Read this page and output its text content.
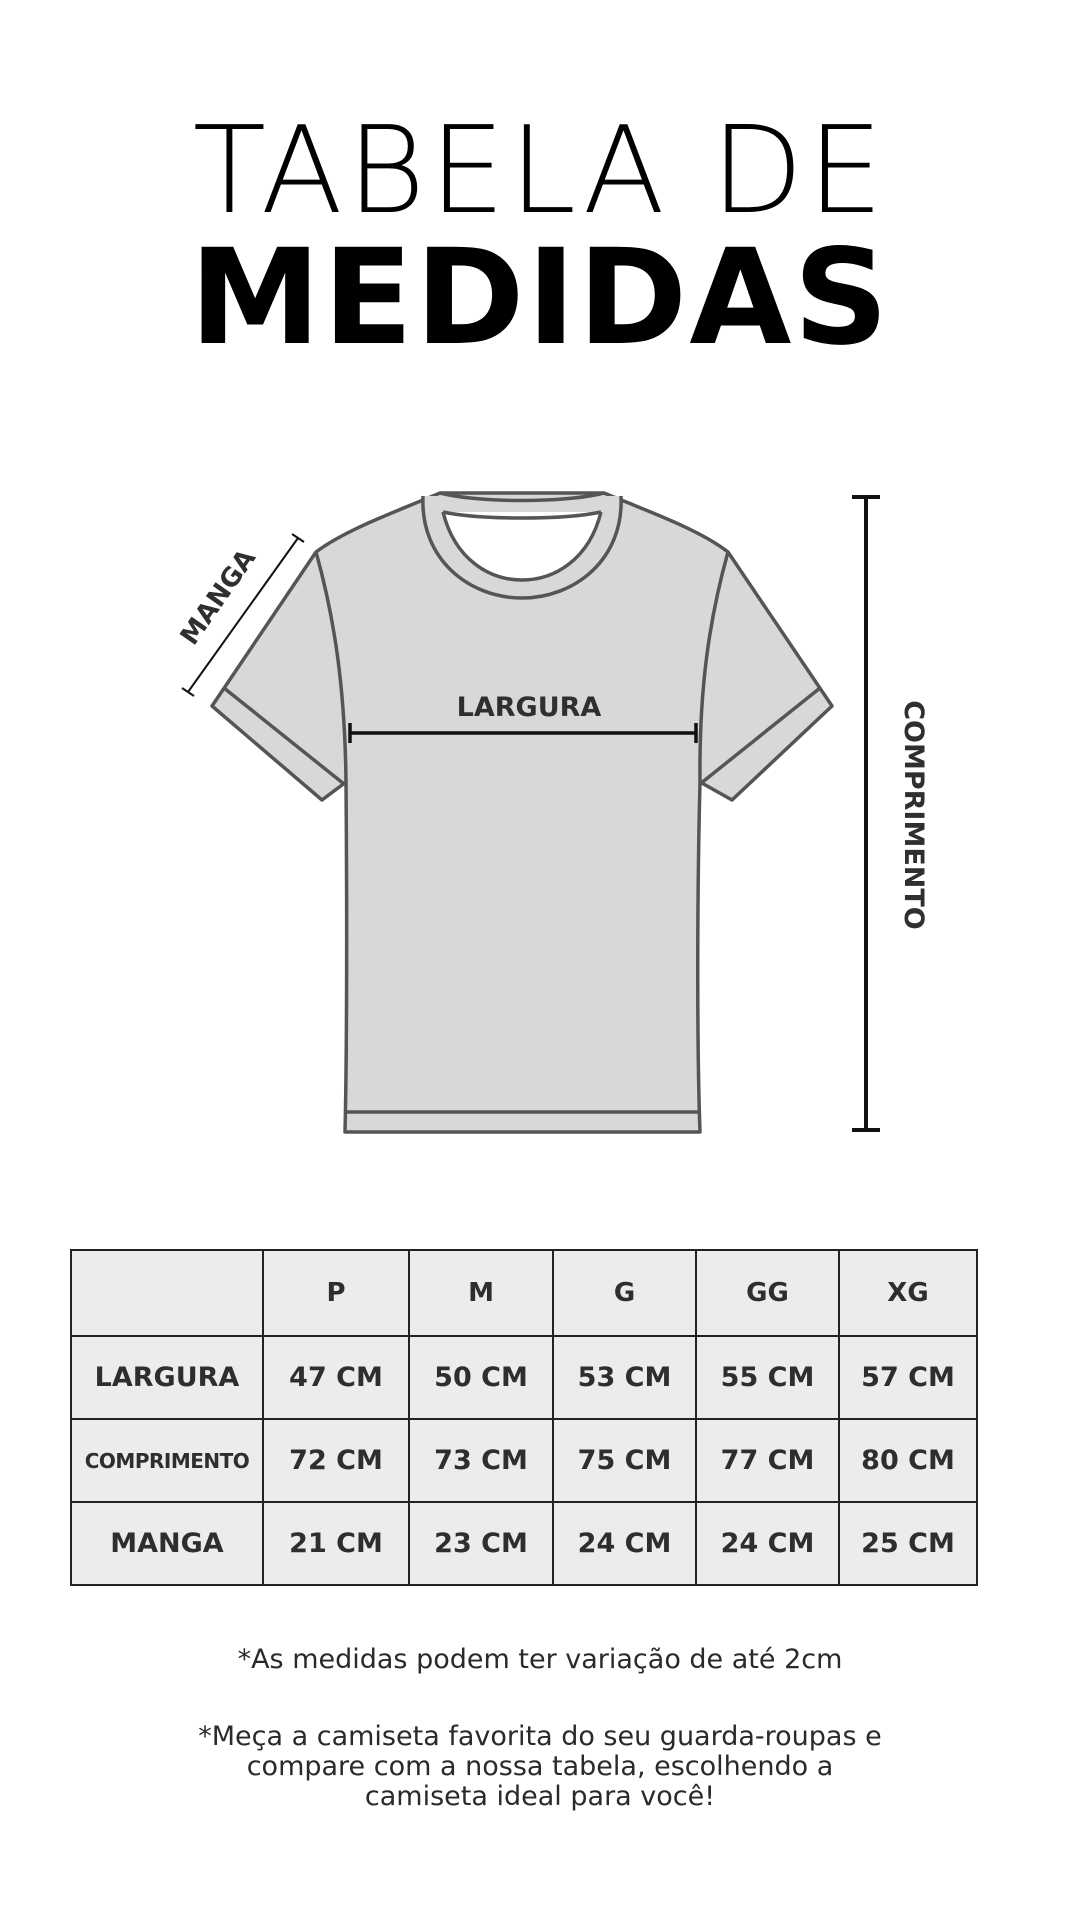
TABELA DE
MEDIDAS
LARGURA
MANGA
COMPRIMENTO
	P	M	G	GG	XG
LARGURA	47 CM	50 CM	53 CM	55 CM	57 CM
COMPRIMENTO	72 CM	73 CM	75 CM	77 CM	80 CM
MANGA	21 CM	23 CM	24 CM	24 CM	25 CM
*As medidas podem ter variação de até 2cm
*Meça a camiseta favorita do seu guarda-roupas e
compare com a nossa tabela, escolhendo a
camiseta ideal para você!
